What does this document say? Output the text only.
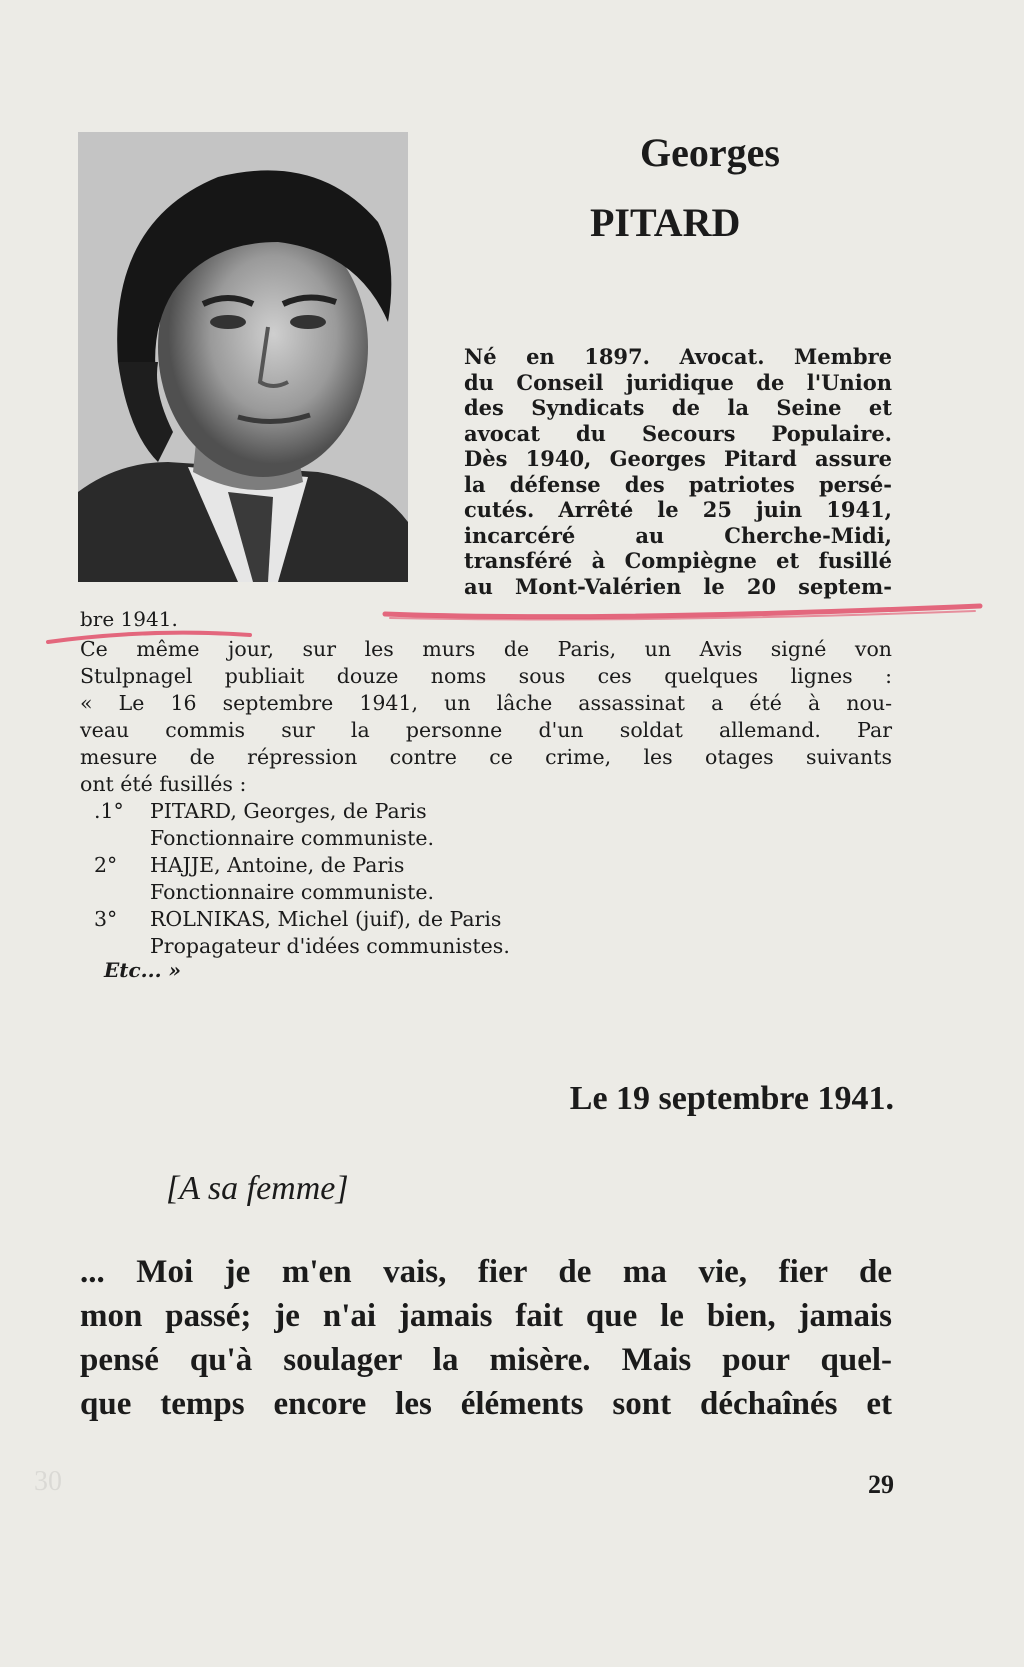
Georges
PITARD
Né en 1897. Avocat. Membre
du Conseil juridique de l'Union
des Syndicats de la Seine et
avocat du Secours Populaire.
Dès 1940, Georges Pitard assure
la défense des patriotes persé-
cutés. Arrêté le 25 juin 1941,
incarcéré au Cherche-Midi,
transféré à Compiègne et fusillé
au Mont-Valérien le 20 septem-
bre 1941.
Ce même jour, sur les murs de Paris, un Avis signé von
Stulpnagel publiait douze noms sous ces quelques lignes :
« Le 16 septembre 1941, un lâche assassinat a été à nou-
veau commis sur la personne d'un soldat allemand. Par
mesure de répression contre ce crime, les otages suivants
ont été fusillés :
.1°	PITARD, Georges, de Paris
Fonctionnaire communiste.
2°	HAJJE, Antoine, de Paris
Fonctionnaire communiste.
3°	ROLNIKAS, Michel (juif), de Paris
Propagateur d'idées communistes.
Etc... »
Le 19 septembre 1941.
[A sa femme]
... Moi je m'en vais, fier de ma vie, fier de
mon passé; je n'ai jamais fait que le bien, jamais
pensé qu'à soulager la misère. Mais pour quel-
que temps encore les éléments sont déchaînés et
30	29
